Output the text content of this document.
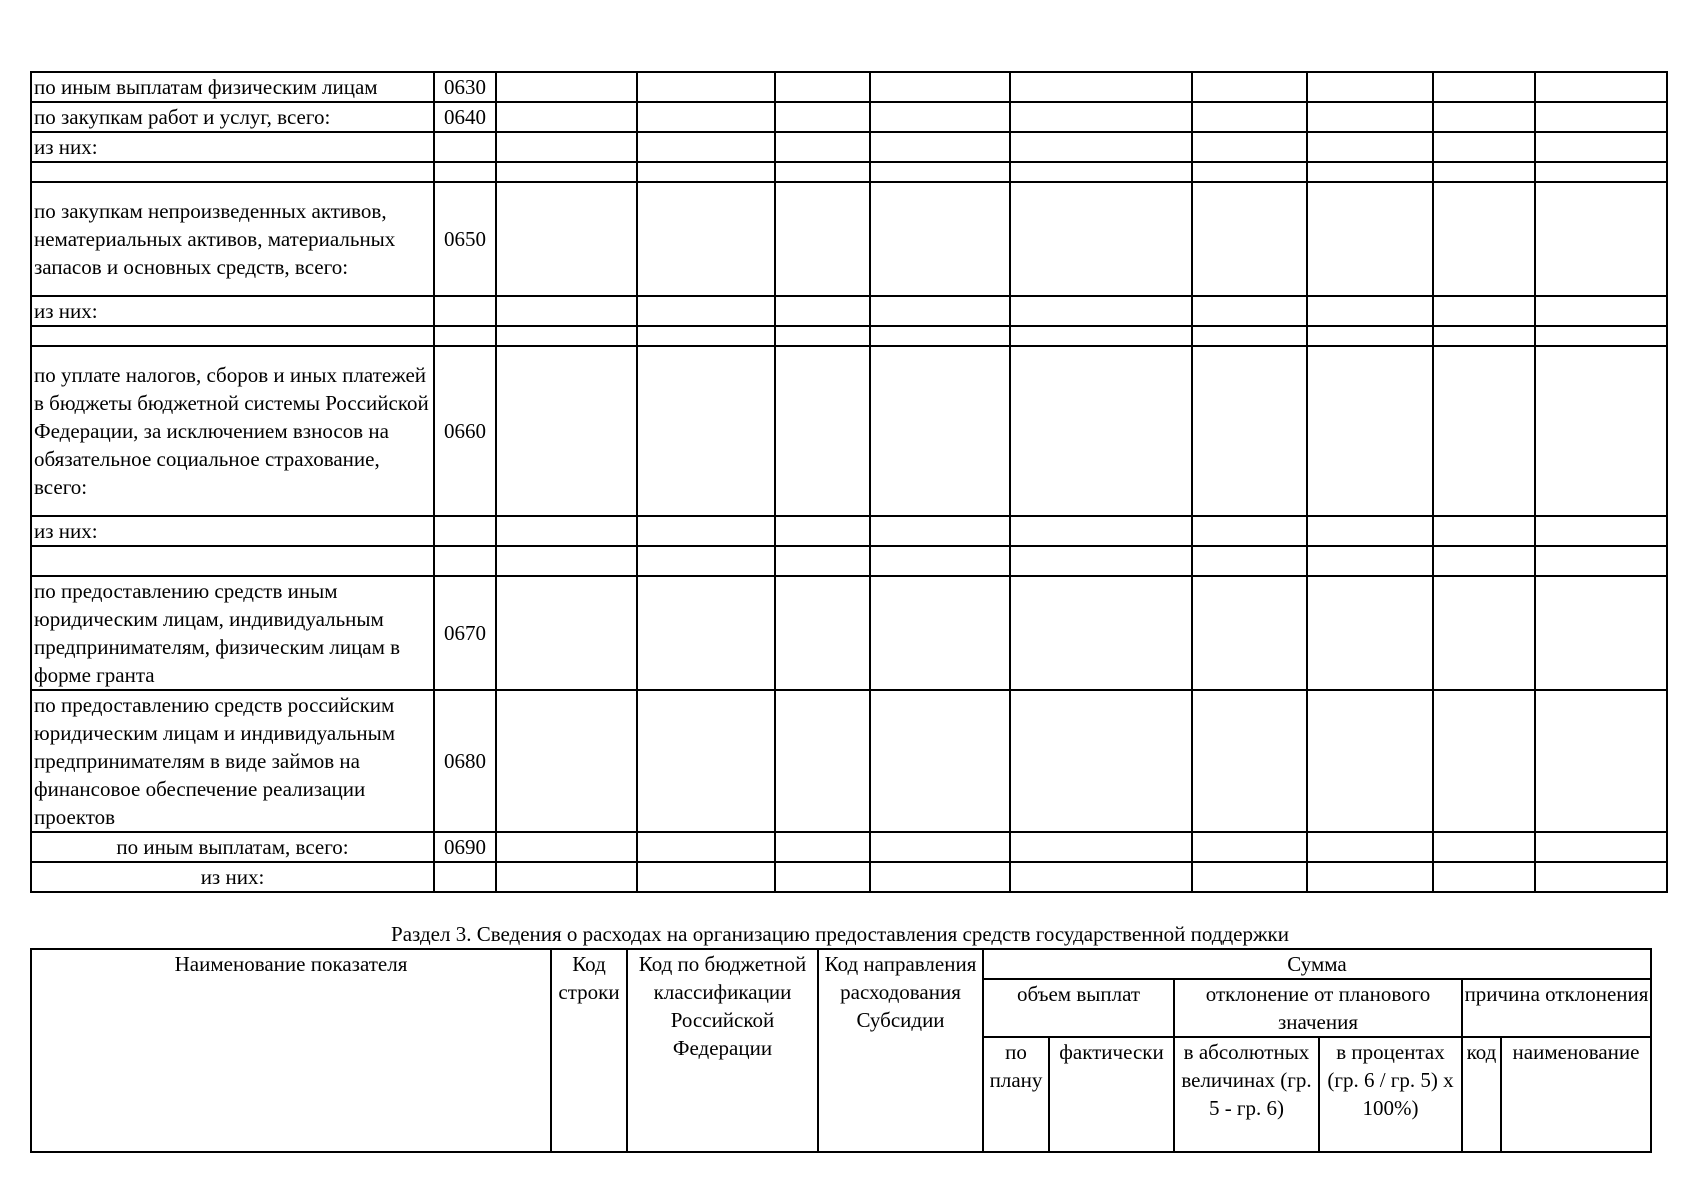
по иным выплатам физическим лицам	0630									
по закупкам работ и услуг, всего:	0640									
из них:										

по закупкам непроизведенных активов, нематериальных активов, материальных запасов и основных средств, всего:	0650									
из них:										

по уплате налогов, сборов и иных платежей в бюджеты бюджетной системы Российской Федерации, за исключением взносов на обязательное социальное страхование, всего:	0660									
из них:										

по предоставлению средств иным юридическим лицам, индивидуальным предпринимателям, физическим лицам в форме гранта	0670									
по предоставлению средств российским юридическим лицам и индивидуальным предпринимателям в виде займов на финансовое обеспечение реализации проектов	0680									
по иным выплатам, всего:	0690									
из них:										
Раздел 3. Сведения о расходах на организацию предоставления средств государственной поддержки
Наименование показателя	Код строки	Код по бюджетной классификации Российской Федерации	Код направления расходования Субсидии	Сумма					
				объем выплат		отклонение от планового значения		причина отклонения	
				по плану	фактически	в абсолютных величинах (гр. 5 - гр. 6)	в процентах (гр. 6 / гр. 5) x 100%)	код	наименование
